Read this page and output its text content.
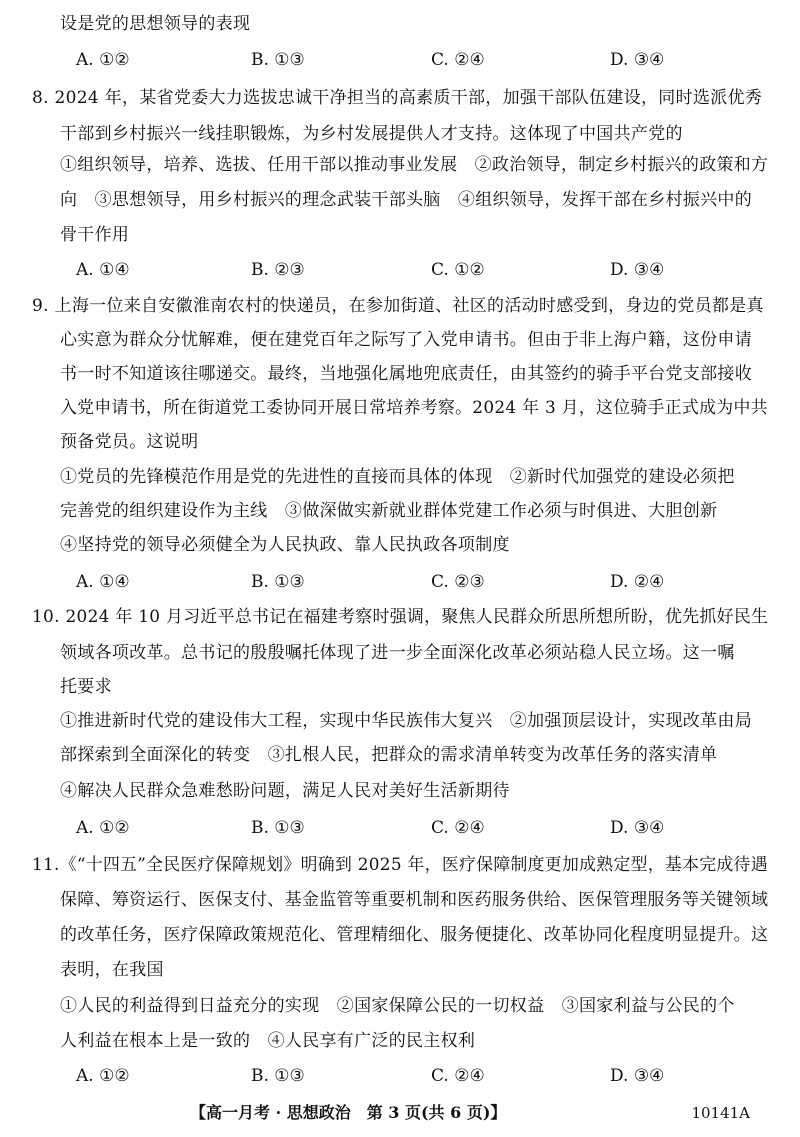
设是党的思想领导的表现

A. ①②	B. ①③	C. ②④	D. ③④

8. 2024 年，某省党委大力选拔忠诚干净担当的高素质干部，加强干部队伍建设，同时选派优秀

干部到乡村振兴一线挂职锻炼，为乡村发展提供人才支持。这体现了中国共产党的

①组织领导，培养、选拔、任用干部以推动事业发展　②政治领导，制定乡村振兴的政策和方

向　③思想领导，用乡村振兴的理念武装干部头脑　④组织领导，发挥干部在乡村振兴中的

骨干作用

A. ①④	B. ②③	C. ①②	D. ③④

9. 上海一位来自安徽淮南农村的快递员，在参加街道、社区的活动时感受到，身边的党员都是真

心实意为群众分忧解难，便在建党百年之际写了入党申请书。但由于非上海户籍，这份申请

书一时不知道该往哪递交。最终，当地强化属地兜底责任，由其签约的骑手平台党支部接收

入党申请书，所在街道党工委协同开展日常培养考察。2024 年 3 月，这位骑手正式成为中共

预备党员。这说明

①党员的先锋模范作用是党的先进性的直接而具体的体现　②新时代加强党的建设必须把

完善党的组织建设作为主线　③做深做实新就业群体党建工作必须与时俱进、大胆创新

④坚持党的领导必须健全为人民执政、靠人民执政各项制度

A. ①④	B. ①③	C. ②③	D. ②④

10. 2024 年 10 月习近平总书记在福建考察时强调，聚焦人民群众所思所想所盼，优先抓好民生

领域各项改革。总书记的殷殷嘱托体现了进一步全面深化改革必须站稳人民立场。这一嘱

托要求

①推进新时代党的建设伟大工程，实现中华民族伟大复兴　②加强顶层设计，实现改革由局

部探索到全面深化的转变　③扎根人民，把群众的需求清单转变为改革任务的落实清单

④解决人民群众急难愁盼问题，满足人民对美好生活新期待

A. ①②	B. ①③	C. ②④	D. ③④

11.《“十四五”全民医疗保障规划》明确到 2025 年，医疗保障制度更加成熟定型，基本完成待遇

保障、筹资运行、医保支付、基金监管等重要机制和医药服务供给、医保管理服务等关键领域

的改革任务，医疗保障政策规范化、管理精细化、服务便捷化、改革协同化程度明显提升。这

表明，在我国

①人民的利益得到日益充分的实现　②国家保障公民的一切权益　③国家利益与公民的个

人利益在根本上是一致的　④人民享有广泛的民主权利

A. ①②	B. ①③	C. ②④	D. ③④
【高一月考 · 思想政治　第 3 页(共 6 页)】	10141A
